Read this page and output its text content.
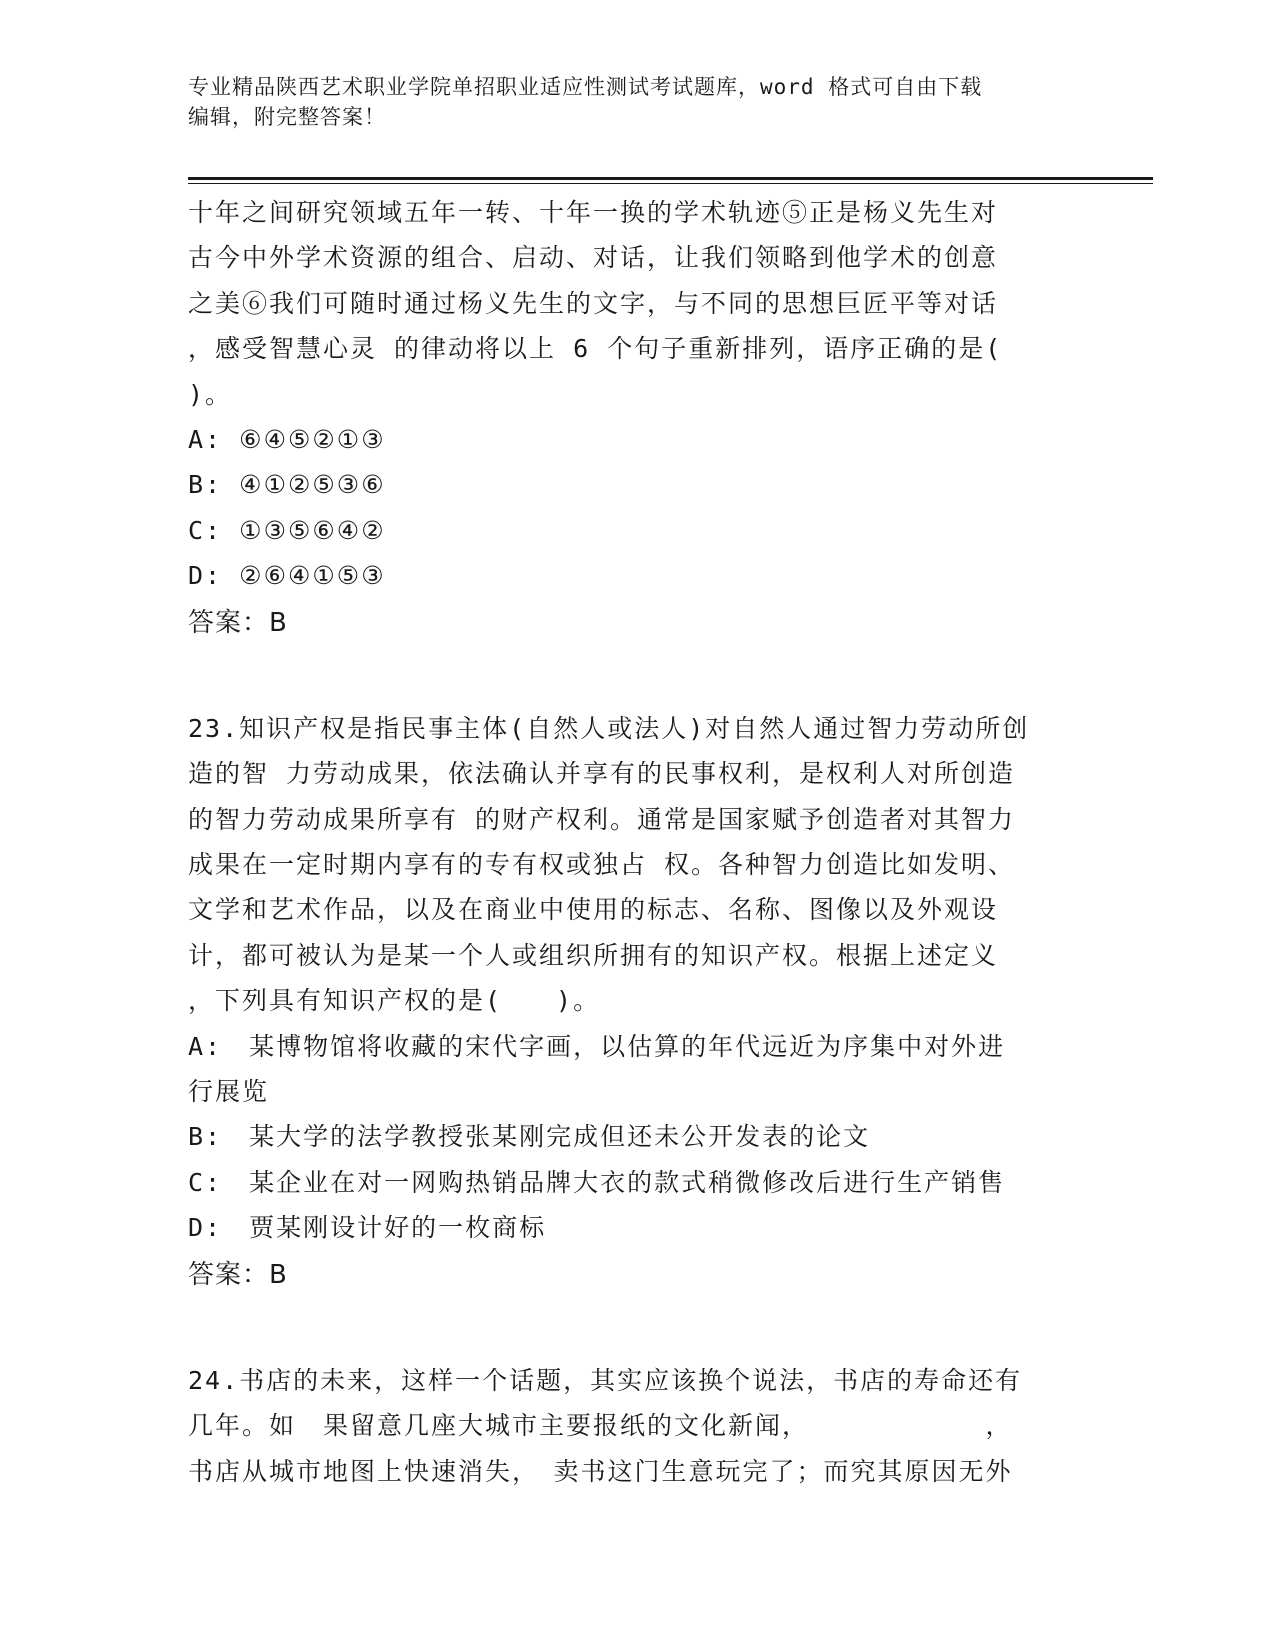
专业精品陕西艺术职业学院单招职业适应性测试考试题库，word 格式可自由下载
编辑，附完整答案！
十年之间研究领域五年一转、十年一换的学术轨迹⑤正是杨义先生对
古今中外学术资源的组合、启动、对话，让我们领略到他学术的创意
之美⑥我们可随时通过杨义先生的文字，与不同的思想巨匠平等对话
，感受智慧心灵 的律动将以上 6 个句子重新排列，语序正确的是(
)。
A: ⑥④⑤②①③
B: ④①②⑤③⑥
C: ①③⑤⑥④②
D: ②⑥④①⑤③
答案：B
23.知识产权是指民事主体(自然人或法人)对自然人通过智力劳动所创
造的智 力劳动成果，依法确认并享有的民事权利，是权利人对所创造
的智力劳动成果所享有 的财产权利。通常是国家赋予创造者对其智力
成果在一定时期内享有的专有权或独占 权。各种智力创造比如发明、
文学和艺术作品，以及在商业中使用的标志、名称、图像以及外观设
计，都可被认为是某一个人或组织所拥有的知识产权。根据上述定义
，下列具有知识产权的是(　　)。
A:　某博物馆将收藏的宋代字画，以估算的年代远近为序集中对外进
行展览
B:　某大学的法学教授张某刚完成但还未公开发表的论文
C:　某企业在对一网购热销品牌大衣的款式稍微修改后进行生产销售
D:　贾某刚设计好的一枚商标
答案：B
24.书店的未来，这样一个话题，其实应该换个说法，书店的寿命还有
几年。如　果留意几座大城市主要报纸的文化新闻，　　　　　　　，
书店从城市地图上快速消失，　卖书这门生意玩完了；而究其原因无外
